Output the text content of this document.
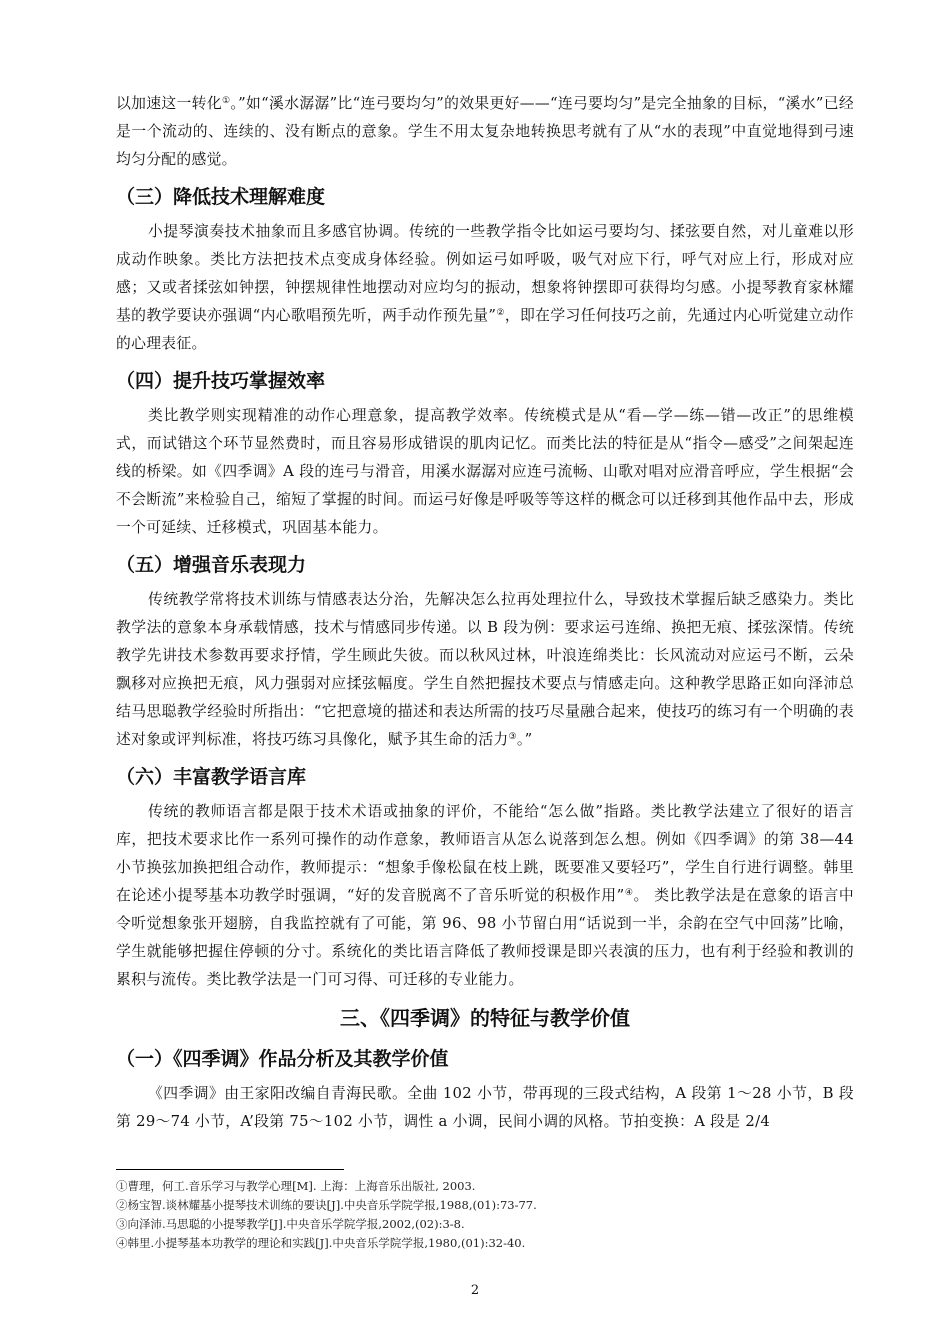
以加速这一转化①。”如“溪水潺潺”比“连弓要均匀”的效果更好——“连弓要均匀”是完全抽象的目标，“溪水”已经是一个流动的、连续的、没有断点的意象。学生不用太复杂地转换思考就有了从“水的表现”中直觉地得到弓速均匀分配的感觉。

（三）降低技术理解难度

小提琴演奏技术抽象而且多感官协调。传统的一些教学指令比如运弓要均匀、揉弦要自然，对儿童难以形成动作映象。类比方法把技术点变成身体经验。例如运弓如呼吸，吸气对应下行，呼气对应上行，形成对应感；又或者揉弦如钟摆，钟摆规律性地摆动对应均匀的振动，想象将钟摆即可获得均匀感。小提琴教育家林耀基的教学要诀亦强调“内心歌唱预先听，两手动作预先量”②，即在学习任何技巧之前，先通过内心听觉建立动作的心理表征。

（四）提升技巧掌握效率

类比教学则实现精准的动作心理意象，提高教学效率。传统模式是从“看—学—练—错—改正”的思维模式，而试错这个环节显然费时，而且容易形成错误的肌肉记忆。而类比法的特征是从“指令—感受”之间架起连线的桥梁。如《四季调》A 段的连弓与滑音，用溪水潺潺对应连弓流畅、山歌对唱对应滑音呼应，学生根据“会不会断流”来检验自己，缩短了掌握的时间。而运弓好像是呼吸等等这样的概念可以迁移到其他作品中去，形成一个可延续、迁移模式，巩固基本能力。

（五）增强音乐表现力

传统教学常将技术训练与情感表达分治，先解决怎么拉再处理拉什么，导致技术掌握后缺乏感染力。类比教学法的意象本身承载情感，技术与情感同步传递。以 B 段为例：要求运弓连绵、换把无痕、揉弦深情。传统教学先讲技术参数再要求抒情，学生顾此失彼。而以秋风过林，叶浪连绵类比：长风流动对应运弓不断，云朵飘移对应换把无痕，风力强弱对应揉弦幅度。学生自然把握技术要点与情感走向。这种教学思路正如向泽沛总结马思聪教学经验时所指出：“它把意境的描述和表达所需的技巧尽量融合起来，使技巧的练习有一个明确的表述对象或评判标准，将技巧练习具像化，赋予其生命的活力③。”

（六）丰富教学语言库

传统的教师语言都是限于技术术语或抽象的评价，不能给“怎么做”指路。类比教学法建立了很好的语言库，把技术要求比作一系列可操作的动作意象，教师语言从怎么说落到怎么想。例如《四季调》的第 38—44 小节换弦加换把组合动作，教师提示：“想象手像松鼠在枝上跳，既要准又要轻巧”，学生自行进行调整。韩里在论述小提琴基本功教学时强调，“好的发音脱离不了音乐听觉的积极作用”④。 类比教学法是在意象的语言中令听觉想象张开翅膀，自我监控就有了可能，第 96、98 小节留白用“话说到一半，余韵在空气中回荡”比喻，学生就能够把握住停顿的分寸。系统化的类比语言降低了教师授课是即兴表演的压力，也有利于经验和教训的累积与流传。类比教学法是一门可习得、可迁移的专业能力。

三、《四季调》的特征与教学价值
（一）《四季调》作品分析及其教学价值

《四季调》由王家阳改编自青海民歌。全曲 102 小节，带再现的三段式结构，A 段第 1～28 小节，B 段第 29～74 小节，A’段第 75～102 小节，调性 a 小调，民间小调的风格。节拍变换：A 段是 2/4

①曹理，何工.音乐学习与教学心理[M]. 上海：上海音乐出版社, 2003.
②杨宝智.谈林耀基小提琴技术训练的要诀[J].中央音乐学院学报,1988,(01):73-77.
③向泽沛.马思聪的小提琴教学[J].中央音乐学院学报,2002,(02):3-8.
④韩里.小提琴基本功教学的理论和实践[J].中央音乐学院学报,1980,(01):32-40.
2
